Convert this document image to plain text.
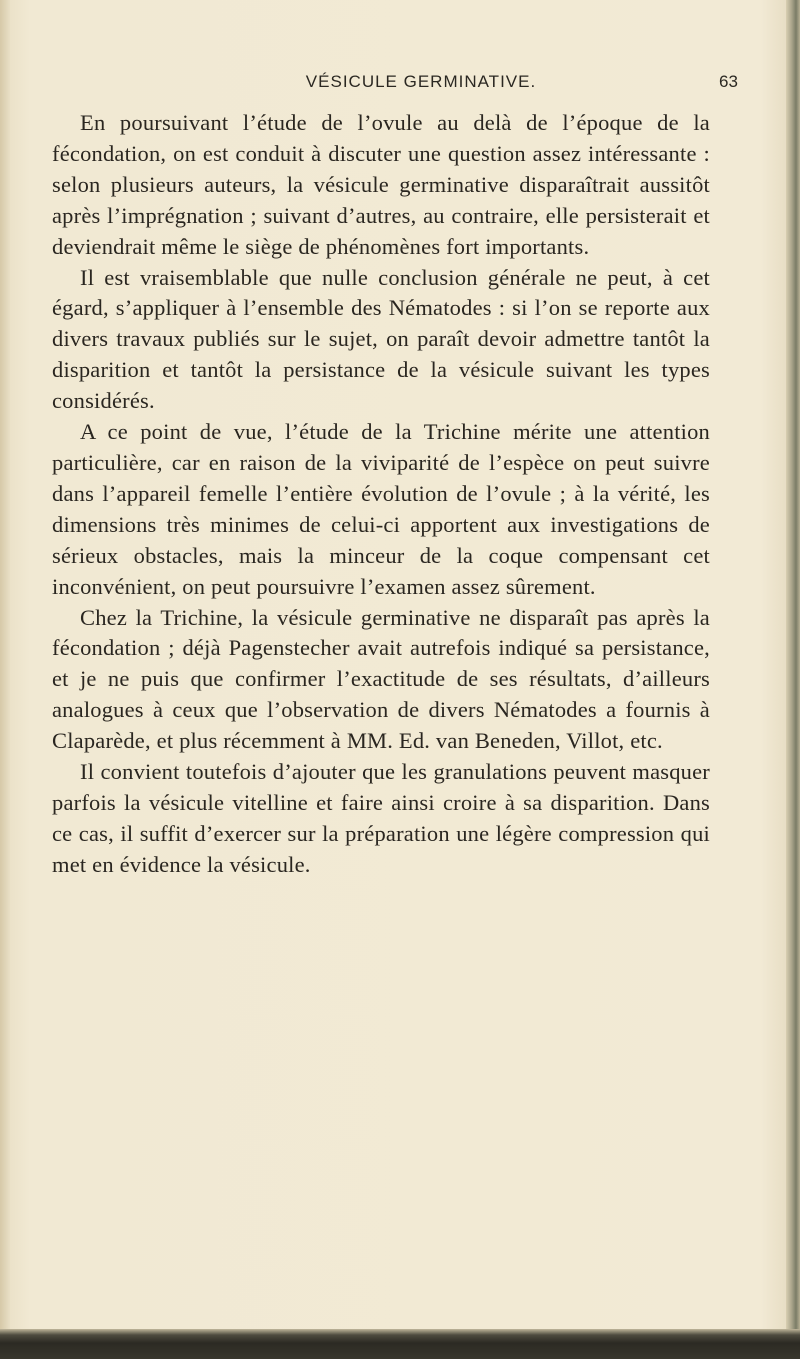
VÉSICULE GERMINATIVE.	63

En poursuivant l’étude de l’ovule au delà de l’époque de la fécondation, on est conduit à discuter une question assez intéressante : selon plusieurs auteurs, la vésicule germinative disparaîtrait aussitôt après l’imprégnation ; suivant d’autres, au contraire, elle persisterait et deviendrait même le siège de phénomènes fort importants.

Il est vraisemblable que nulle conclusion générale ne peut, à cet égard, s’appliquer à l’ensemble des Nématodes : si l’on se reporte aux divers travaux publiés sur le sujet, on paraît devoir admettre tantôt la disparition et tantôt la persistance de la vésicule suivant les types considérés.

A ce point de vue, l’étude de la Trichine mérite une attention particulière, car en raison de la viviparité de l’espèce on peut suivre dans l’appareil femelle l’entière évolution de l’ovule ; à la vérité, les dimensions très minimes de celui-ci apportent aux investigations de sérieux obstacles, mais la minceur de la coque compensant cet inconvénient, on peut poursuivre l’examen assez sûrement.

Chez la Trichine, la vésicule germinative ne disparaît pas après la fécondation ; déjà Pagenstecher avait autrefois indiqué sa persistance, et je ne puis que confirmer l’exactitude de ses résultats, d’ailleurs analogues à ceux que l’observation de divers Nématodes a fournis à Claparède, et plus récemment à MM. Ed. van Beneden, Villot, etc.

Il convient toutefois d’ajouter que les granulations peuvent masquer parfois la vésicule vitelline et faire ainsi croire à sa disparition. Dans ce cas, il suffit d’exercer sur la préparation une légère compression qui met en évidence la vésicule.
